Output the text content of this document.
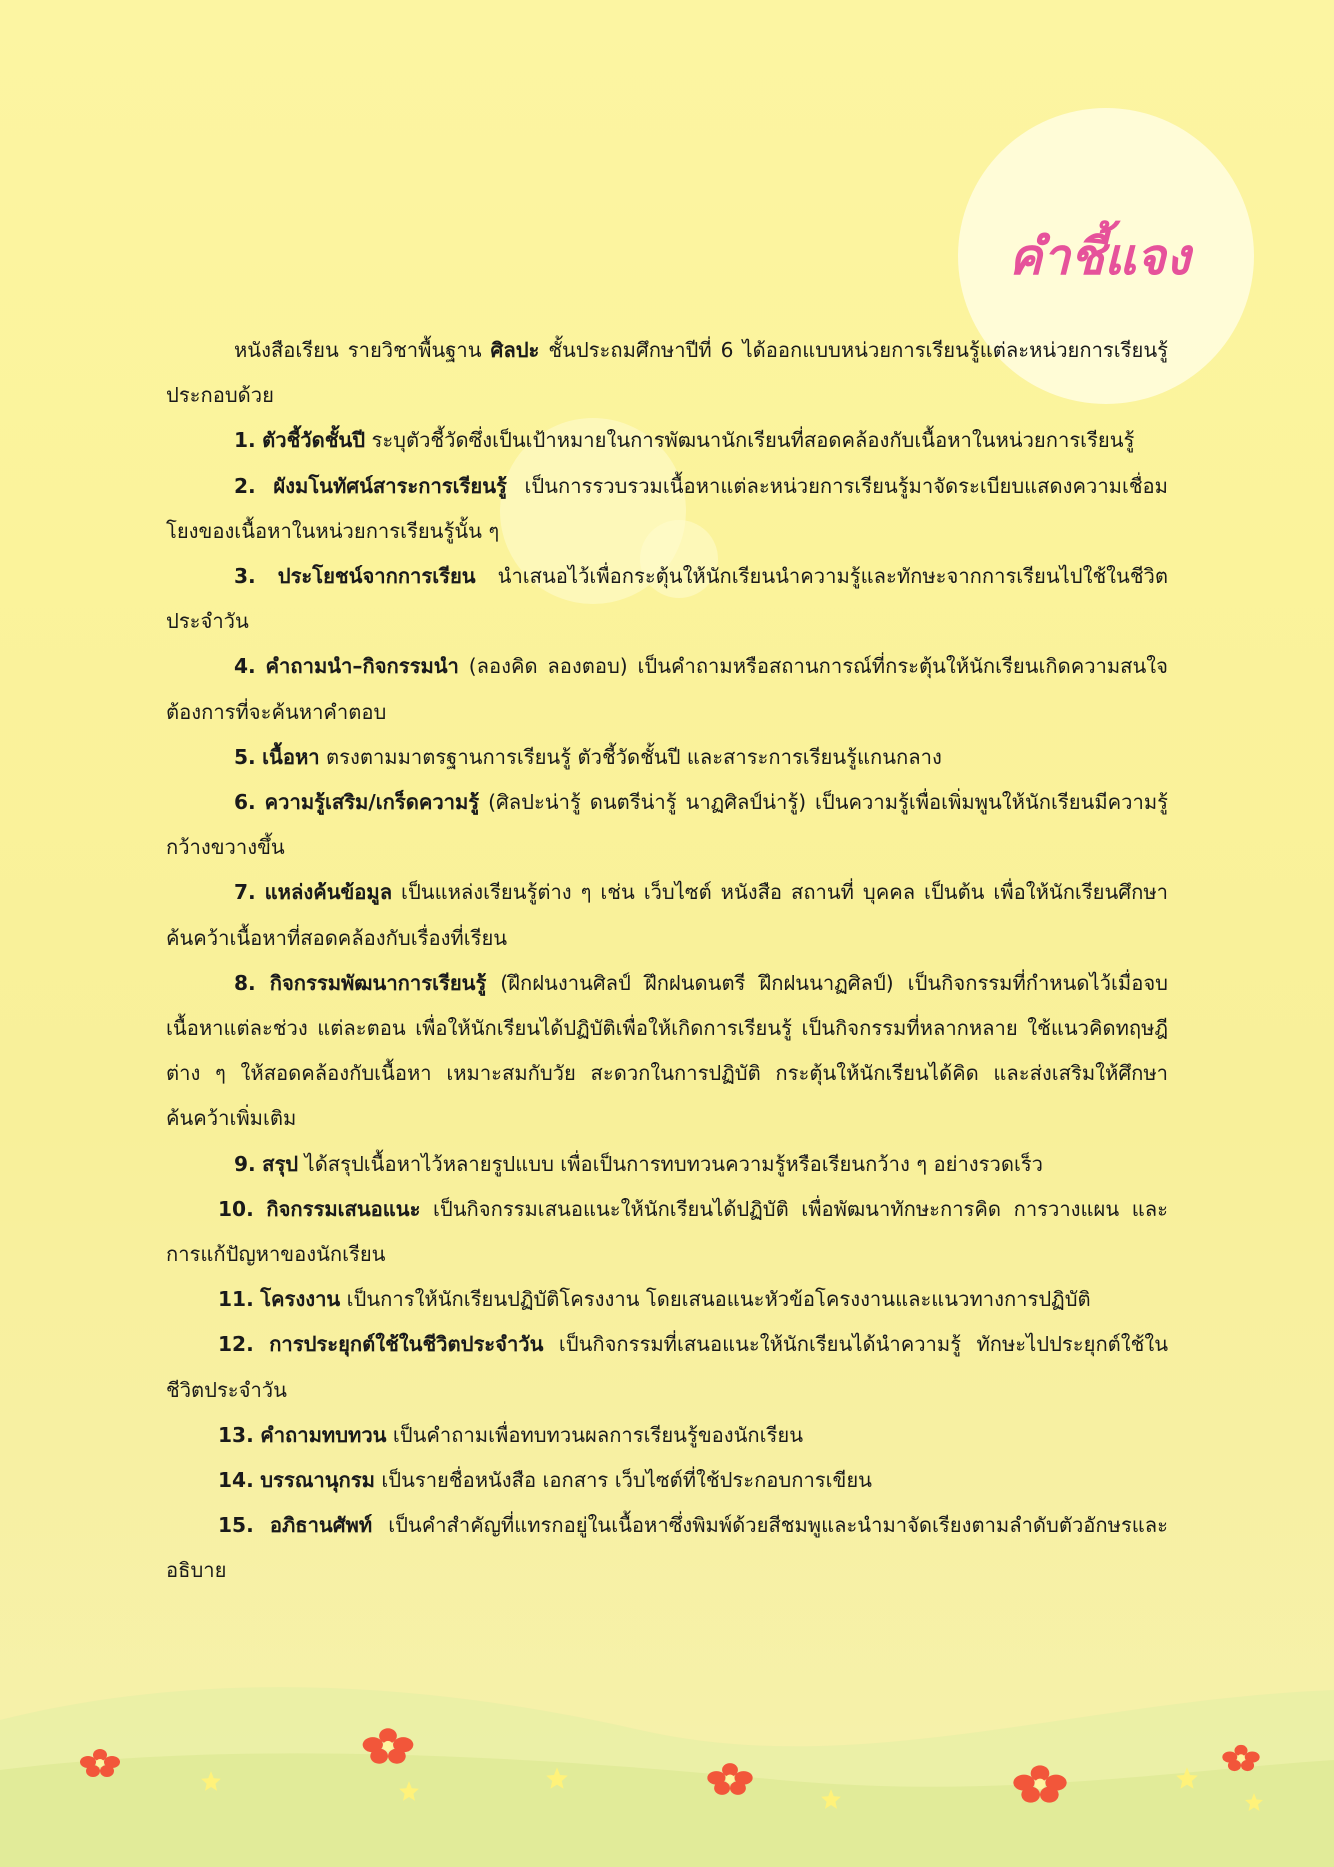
คำชี้แจง

หนังสือเรียน รายวิชาพื้นฐาน ศิลปะ ชั้นประถมศึกษาปีที่ 6 ได้ออกแบบหน่วยการเรียนรู้แต่ละหน่วยการเรียนรู้ประกอบด้วย

1. ตัวชี้วัดชั้นปี ระบุตัวชี้วัดซึ่งเป็นเป้าหมายในการพัฒนานักเรียนที่สอดคล้องกับเนื้อหาในหน่วยการเรียนรู้

2. ผังมโนทัศน์สาระการเรียนรู้ เป็นการรวบรวมเนื้อหาแต่ละหน่วยการเรียนรู้มาจัดระเบียบแสดงความเชื่อมโยงของเนื้อหาในหน่วยการเรียนรู้นั้น ๆ

3. ประโยชน์จากการเรียน นำเสนอไว้เพื่อกระตุ้นให้นักเรียนนำความรู้และทักษะจากการเรียนไปใช้ในชีวิตประจำวัน

4. คำถามนำ–กิจกรรมนำ (ลองคิด ลองตอบ) เป็นคำถามหรือสถานการณ์ที่กระตุ้นให้นักเรียนเกิดความสนใจ ต้องการที่จะค้นหาคำตอบ

5. เนื้อหา ตรงตามมาตรฐานการเรียนรู้ ตัวชี้วัดชั้นปี และสาระการเรียนรู้แกนกลาง

6. ความรู้เสริม/เกร็ดความรู้ (ศิลปะน่ารู้ ดนตรีน่ารู้ นาฏศิลป์น่ารู้) เป็นความรู้เพื่อเพิ่มพูนให้นักเรียนมีความรู้กว้างขวางขึ้น

7. แหล่งค้นข้อมูล เป็นแหล่งเรียนรู้ต่าง ๆ เช่น เว็บไซต์ หนังสือ สถานที่ บุคคล เป็นต้น เพื่อให้นักเรียนศึกษาค้นคว้าเนื้อหาที่สอดคล้องกับเรื่องที่เรียน

8. กิจกรรมพัฒนาการเรียนรู้ (ฝึกฝนงานศิลป์ ฝึกฝนดนตรี ฝึกฝนนาฏศิลป์) เป็นกิจกรรมที่กำหนดไว้เมื่อจบเนื้อหาแต่ละช่วง แต่ละตอน เพื่อให้นักเรียนได้ปฏิบัติเพื่อให้เกิดการเรียนรู้ เป็นกิจกรรมที่หลากหลาย ใช้แนวคิดทฤษฎีต่าง ๆ ให้สอดคล้องกับเนื้อหา เหมาะสมกับวัย สะดวกในการปฏิบัติ กระตุ้นให้นักเรียนได้คิด และส่งเสริมให้ศึกษาค้นคว้าเพิ่มเติม

9. สรุป ได้สรุปเนื้อหาไว้หลายรูปแบบ เพื่อเป็นการทบทวนความรู้หรือเรียนกว้าง ๆ อย่างรวดเร็ว

10. กิจกรรมเสนอแนะ เป็นกิจกรรมเสนอแนะให้นักเรียนได้ปฏิบัติ เพื่อพัฒนาทักษะการคิด การวางแผน และการแก้ปัญหาของนักเรียน

11. โครงงาน เป็นการให้นักเรียนปฏิบัติโครงงาน โดยเสนอแนะหัวข้อโครงงานและแนวทางการปฏิบัติ

12. การประยุกต์ใช้ในชีวิตประจำวัน เป็นกิจกรรมที่เสนอแนะให้นักเรียนได้นำความรู้ ทักษะไปประยุกต์ใช้ในชีวิตประจำวัน

13. คำถามทบทวน เป็นคำถามเพื่อทบทวนผลการเรียนรู้ของนักเรียน

14. บรรณานุกรม เป็นรายชื่อหนังสือ เอกสาร เว็บไซต์ที่ใช้ประกอบการเขียน

15. อภิธานศัพท์ เป็นคำสำคัญที่แทรกอยู่ในเนื้อหาซึ่งพิมพ์ด้วยสีชมพูและนำมาจัดเรียงตามลำดับตัวอักษรและอธิบาย
